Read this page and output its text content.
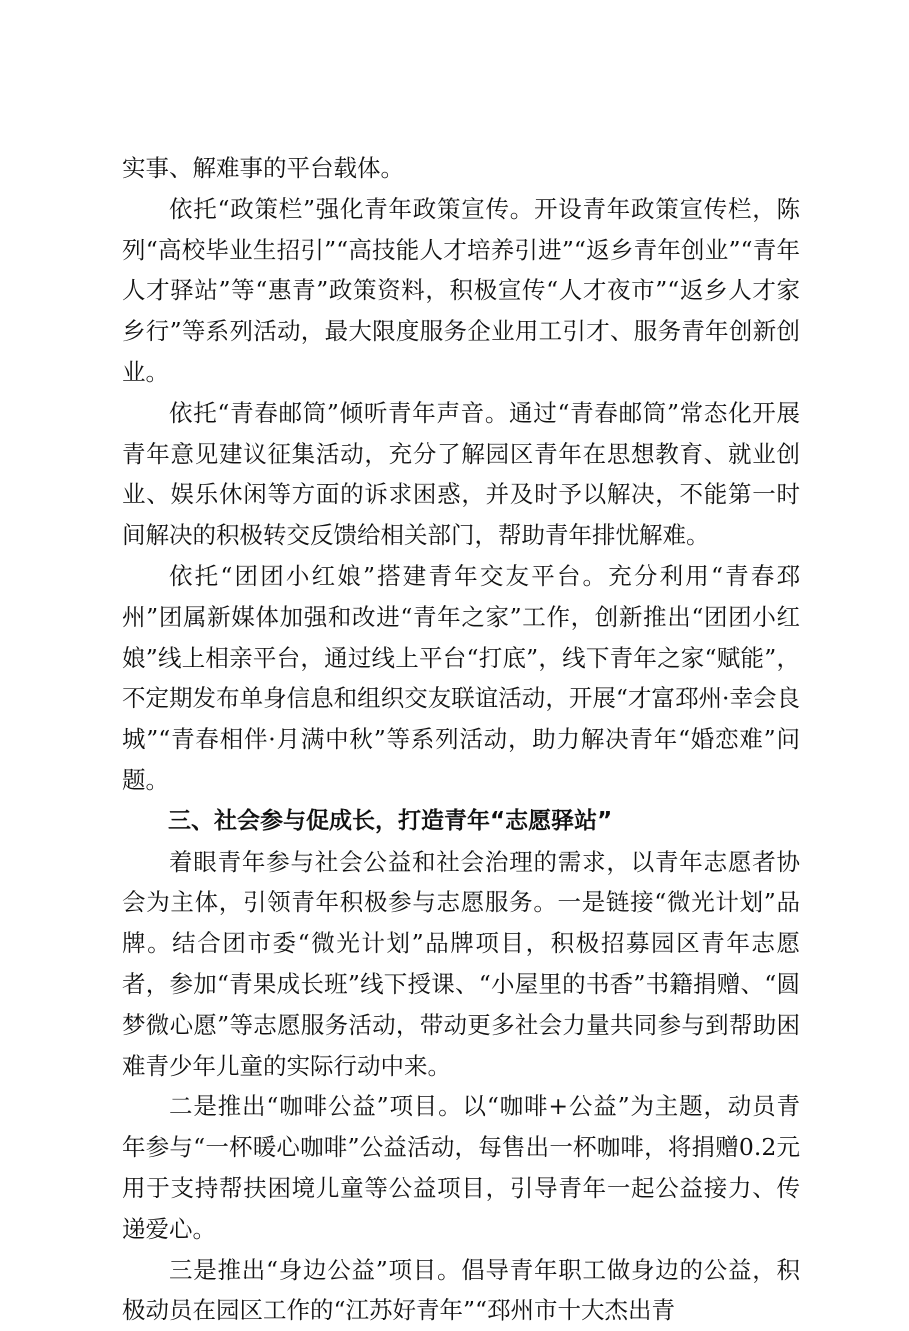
实事、解难事的平台载体。

依托“政策栏”强化青年政策宣传。开设青年政策宣传栏，陈列“高校毕业生招引”“高技能人才培养引进”“返乡青年创业”“青年人才驿站”等“惠青”政策资料，积极宣传“人才夜市”“返乡人才家乡行”等系列活动，最大限度服务企业用工引才、服务青年创新创业。

依托“青春邮筒”倾听青年声音。通过“青春邮筒”常态化开展青年意见建议征集活动，充分了解园区青年在思想教育、就业创业、娱乐休闲等方面的诉求困惑，并及时予以解决，不能第一时间解决的积极转交反馈给相关部门，帮助青年排忧解难。

依托“团团小红娘”搭建青年交友平台。充分利用“青春邳州”团属新媒体加强和改进“青年之家”工作，创新推出“团团小红娘”线上相亲平台，通过线上平台“打底”，线下青年之家“赋能”，不定期发布单身信息和组织交友联谊活动，开展“才富邳州·幸会良城”“青春相伴·月满中秋”等系列活动，助力解决青年“婚恋难”问题。

三、社会参与促成长，打造青年“志愿驿站”

着眼青年参与社会公益和社会治理的需求，以青年志愿者协会为主体，引领青年积极参与志愿服务。一是链接“微光计划”品牌。结合团市委“微光计划”品牌项目，积极招募园区青年志愿者，参加“青果成长班”线下授课、“小屋里的书香”书籍捐赠、“圆梦微心愿”等志愿服务活动，带动更多社会力量共同参与到帮助困难青少年儿童的实际行动中来。

二是推出“咖啡公益”项目。以“咖啡+公益”为主题，动员青年参与“一杯暖心咖啡”公益活动，每售出一杯咖啡，将捐赠0.2元用于支持帮扶困境儿童等公益项目，引导青年一起公益接力、传递爱心。

三是推出“身边公益”项目。倡导青年职工做身边的公益，积极动员在园区工作的“江苏好青年”“邳州市十大杰出青
